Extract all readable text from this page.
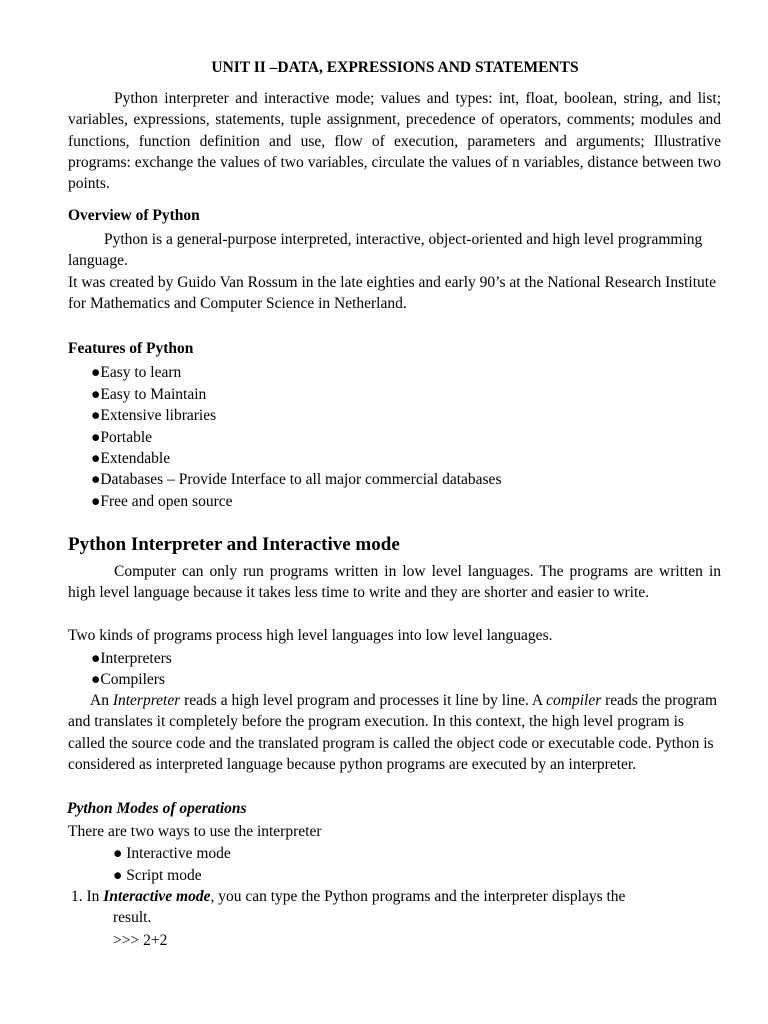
UNIT II –DATA, EXPRESSIONS AND STATEMENTS
Python interpreter and interactive mode; values and types: int, float, boolean, string, and list; variables, expressions, statements, tuple assignment, precedence of operators, comments; modules and functions, function definition and use, flow of execution, parameters and arguments; Illustrative programs: exchange the values of two variables, circulate the values of n variables, distance between two points.
Overview of Python
Python is a general-purpose interpreted, interactive, object-oriented and high level programming language.
It was created by Guido Van Rossum in the late eighties and early 90’s at the National Research Institute for Mathematics and Computer Science in Netherland.
Features of Python
●Easy to learn
●Easy to Maintain
●Extensive libraries
●Portable
●Extendable
●Databases – Provide Interface to all major commercial databases
●Free and open source
Python Interpreter and Interactive mode
Computer can only run programs written in low level languages. The programs are written in high level language because it takes less time to write and they are shorter and easier to write.
Two kinds of programs process high level languages into low level languages.
●Interpreters
●Compilers
An Interpreter reads a high level program and processes it line by line. A compiler reads the program and translates it completely before the program execution. In this context, the high level program is called the source code and the translated program is called the object code or executable code. Python is considered as interpreted language because python programs are executed by an interpreter.
Python Modes of operations
There are two ways to use the interpreter
● Interactive mode
● Script mode
1. In Interactive mode, you can type the Python programs and the interpreter displays the
result.
>>> 2+2
